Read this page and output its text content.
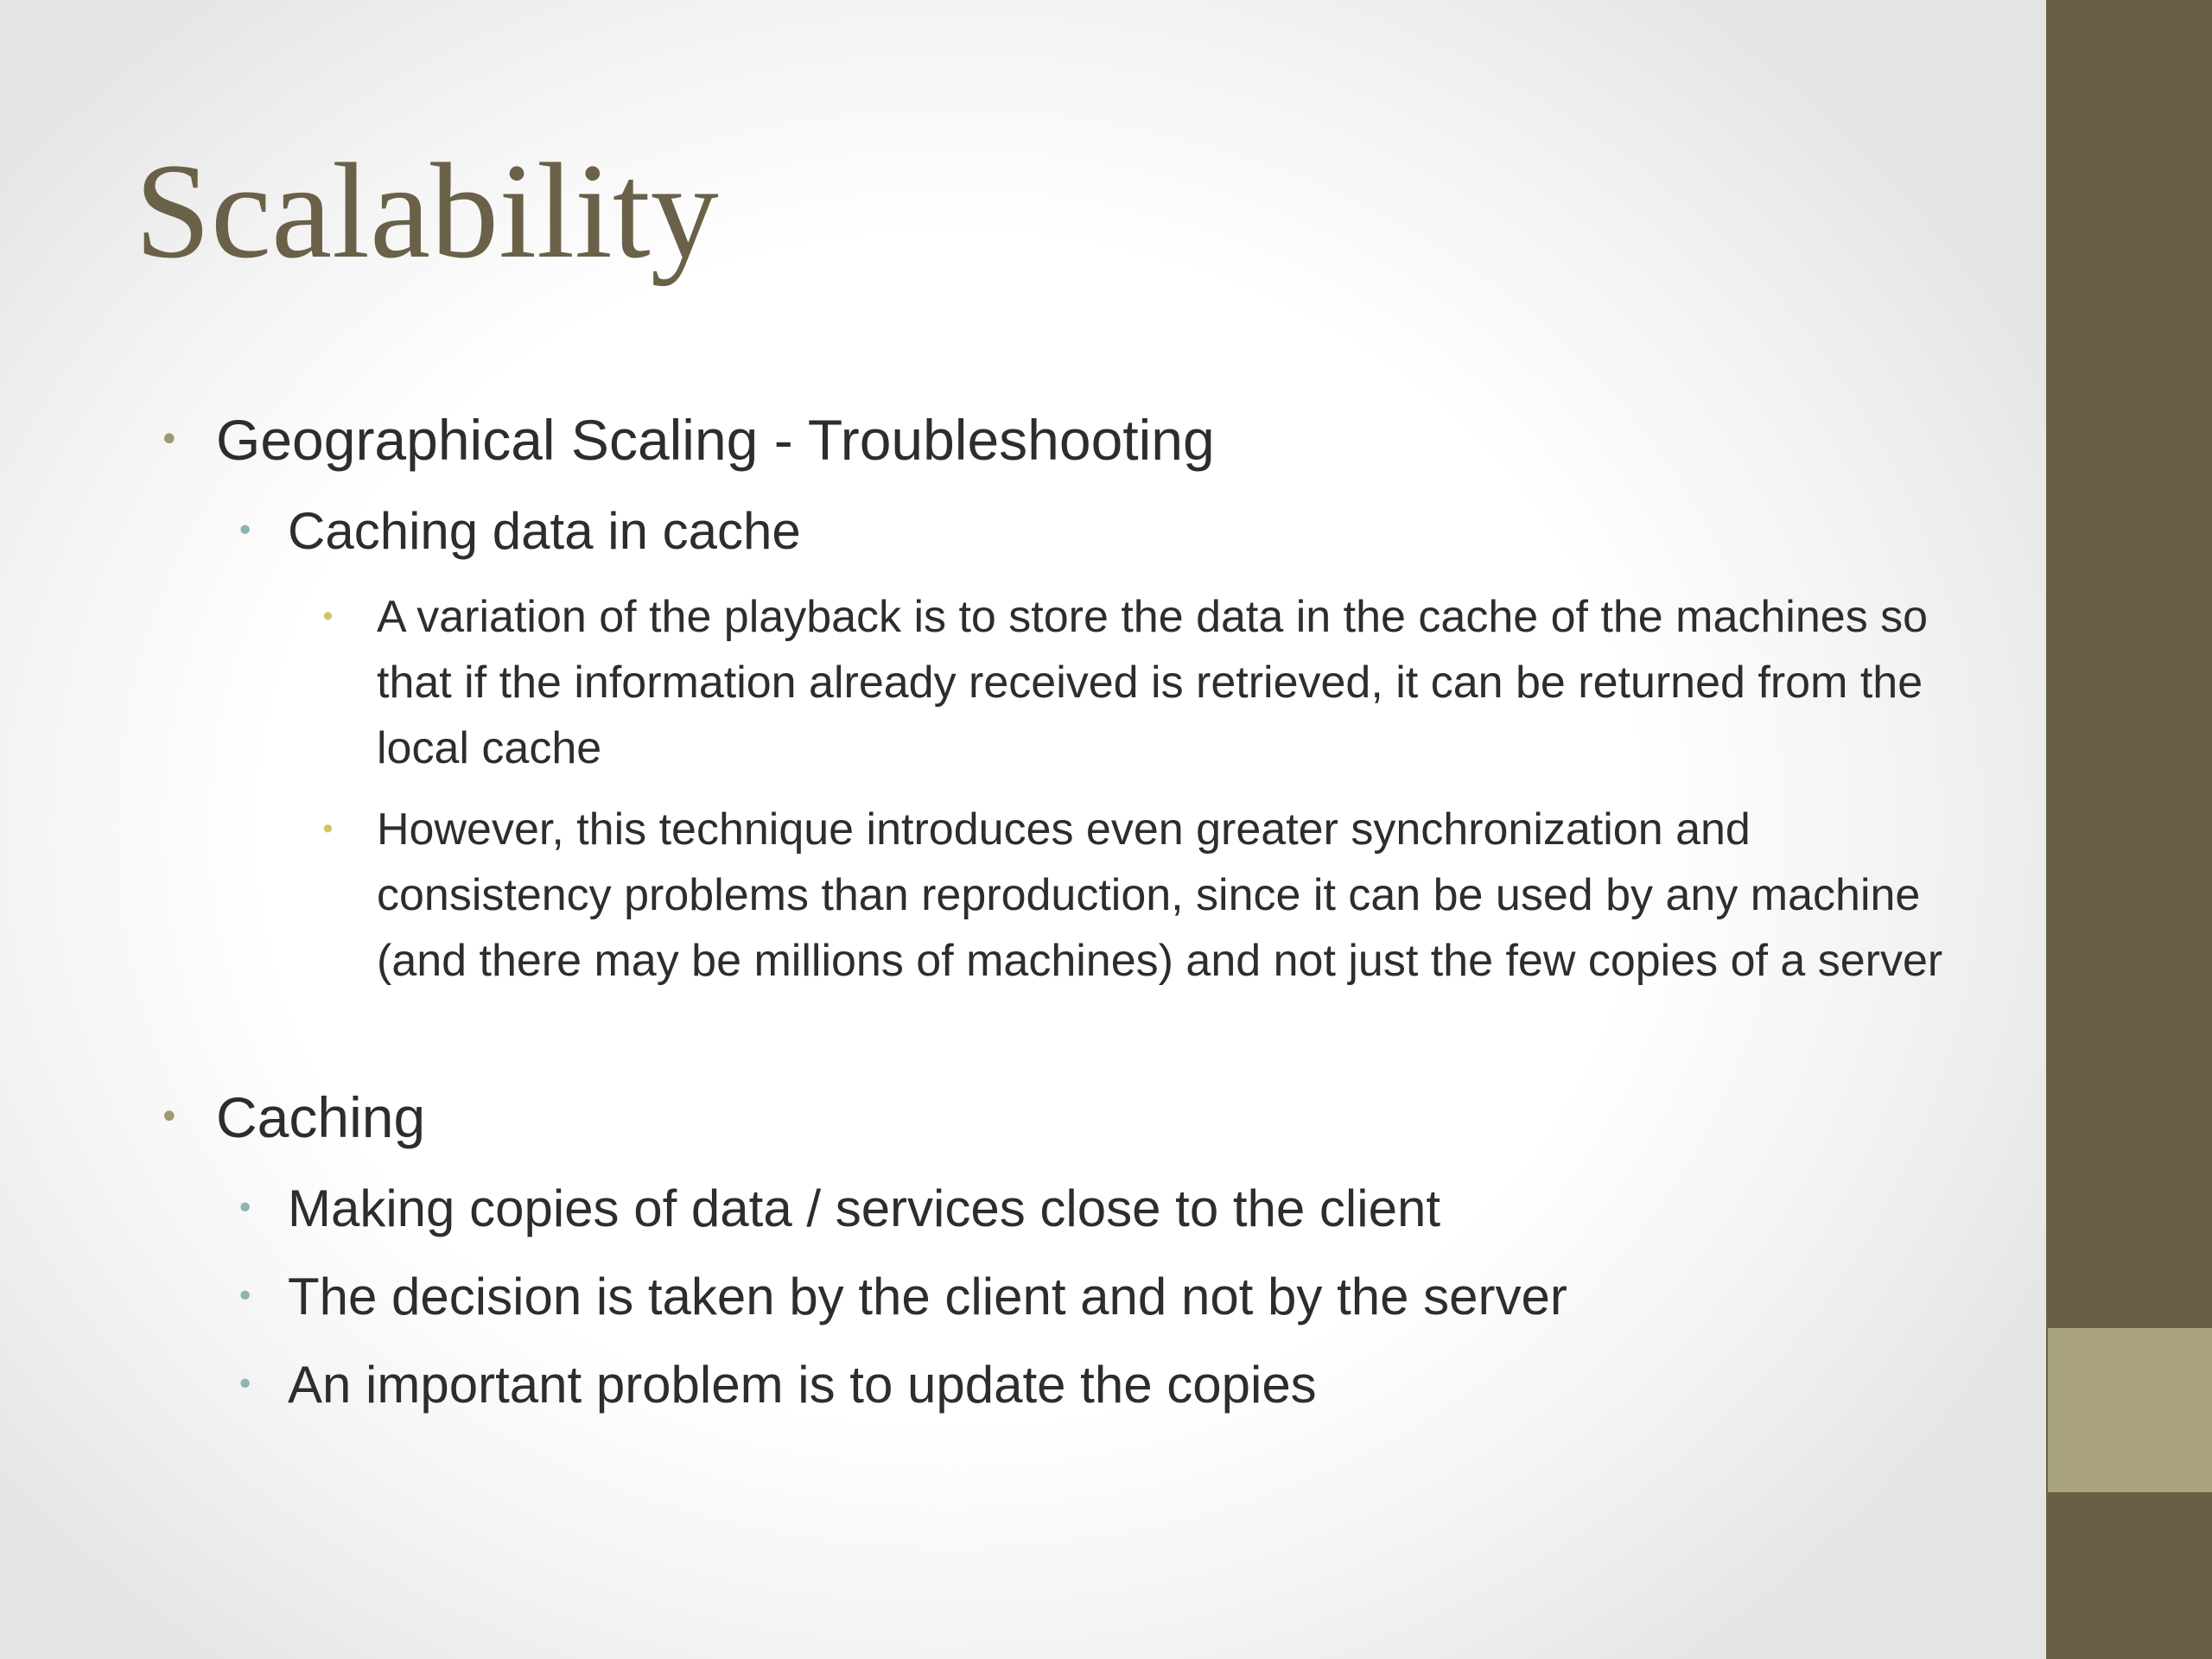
Scalability
• Geographical Scaling - Troubleshooting
• Caching data in cache
• A variation of the playback is to store the data in the cache of the machines so that if the information already received is retrieved, it can be returned from the local cache
• However, this technique introduces even greater synchronization and consistency problems than reproduction, since it can be used by any machine (and there may be millions of machines) and not just the few copies of a server
• Caching
• Making copies of data / services close to the client
• The decision is taken by the client and not by the server
• An important problem is to update the copies
